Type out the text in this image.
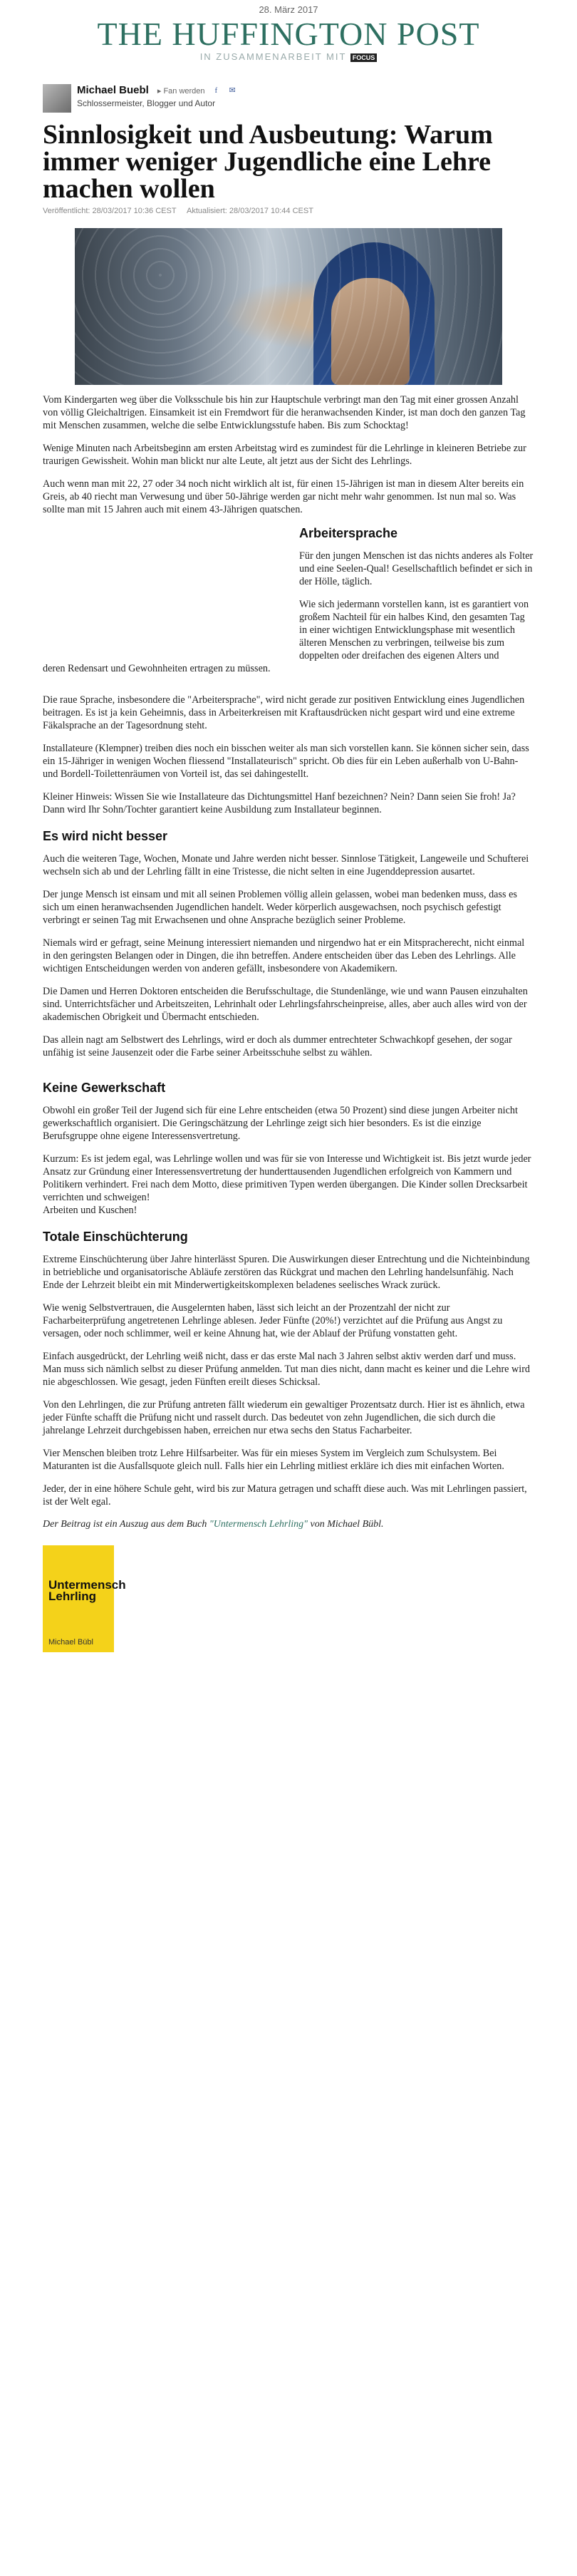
28. März 2017
THE HUFFINGTON POST
IN ZUSAMMENARBEIT MIT FOCUS
Michael Buebl ▸ Fan werden f	✉
Schlossermeister, Blogger und Autor
Sinnlosigkeit und Ausbeutung: Warum immer weniger Jugendliche eine Lehre machen wollen
Veröffentlicht: 28/03/2017 10:36 CEST Aktualisiert: 28/03/2017 10:44 CEST

Vom Kindergarten weg über die Volksschule bis hin zur Hauptschule verbringt man den Tag mit einer grossen Anzahl von völlig Gleichaltrigen. Einsamkeit ist ein Fremdwort für die heranwachsenden Kinder, ist man doch den ganzen Tag mit Menschen zusammen, welche die selbe Entwicklungsstufe haben. Bis zum Schocktag!

Wenige Minuten nach Arbeitsbeginn am ersten Arbeitstag wird es zumindest für die Lehrlinge in kleineren Betriebe zur traurigen Gewissheit. Wohin man blickt nur alte Leute, alt jetzt aus der Sicht des Lehrlings.

Auch wenn man mit 22, 27 oder 34 noch nicht wirklich alt ist, für einen 15-Jährigen ist man in diesem Alter bereits ein Greis, ab 40 riecht man Verwesung und über 50-Jährige werden gar nicht mehr wahr genommen. Ist nun mal so. Was sollte man mit 15 Jahren auch mit einem 43-Jährigen quatschen.

Arbeitersprache

Für den jungen Menschen ist das nichts anderes als Folter und eine Seelen-Qual! Gesellschaftlich befindet er sich in der Hölle, täglich.

Wie sich jedermann vorstellen kann, ist es garantiert von großem Nachteil für ein halbes Kind, den gesamten Tag in einer wichtigen Entwicklungsphase mit wesentlich älteren Menschen zu verbringen, teilweise bis zum doppelten oder dreifachen des eigenen Alters und

deren Redensart und Gewohnheiten ertragen zu müssen.

Die raue Sprache, insbesondere die "Arbeitersprache", wird nicht gerade zur positiven Entwicklung eines Jugendlichen beitragen. Es ist ja kein Geheimnis, dass in Arbeiterkreisen mit Kraftausdrücken nicht gespart wird und eine extreme Fäkalsprache an der Tagesordnung steht.

Installateure (Klempner) treiben dies noch ein bisschen weiter als man sich vorstellen kann. Sie können sicher sein, dass ein 15-Jähriger in wenigen Wochen fliessend "Installateurisch" spricht. Ob dies für ein Leben außerhalb von U-Bahn- und Bordell-Toilettenräumen von Vorteil ist, das sei dahingestellt.

Kleiner Hinweis: Wissen Sie wie Installateure das Dichtungsmittel Hanf bezeichnen? Nein? Dann seien Sie froh! Ja? Dann wird Ihr Sohn/Tochter garantiert keine Ausbildung zum Installateur beginnen.

Es wird nicht besser

Auch die weiteren Tage, Wochen, Monate und Jahre werden nicht besser. Sinnlose Tätigkeit, Langeweile und Schufterei wechseln sich ab und der Lehrling fällt in eine Tristesse, die nicht selten in eine Jugenddepression ausartet.

Der junge Mensch ist einsam und mit all seinen Problemen völlig allein gelassen, wobei man bedenken muss, dass es sich um einen heranwachsenden Jugendlichen handelt. Weder körperlich ausgewachsen, noch psychisch gefestigt verbringt er seinen Tag mit Erwachsenen und ohne Ansprache bezüglich seiner Probleme.

Niemals wird er gefragt, seine Meinung interessiert niemanden und nirgendwo hat er ein Mitspracherecht, nicht einmal in den geringsten Belangen oder in Dingen, die ihn betreffen. Andere entscheiden über das Leben des Lehrlings. Alle wichtigen Entscheidungen werden von anderen gefällt, insbesondere von Akademikern.

Die Damen und Herren Doktoren entscheiden die Berufsschultage, die Stundenlänge, wie und wann Pausen einzuhalten sind. Unterrichtsfächer und Arbeitszeiten, Lehrinhalt oder Lehrlingsfahrscheinpreise, alles, aber auch alles wird von der akademischen Obrigkeit und Übermacht entschieden.

Das allein nagt am Selbstwert des Lehrlings, wird er doch als dummer entrechteter Schwachkopf gesehen, der sogar unfähig ist seine Jausenzeit oder die Farbe seiner Arbeitsschuhe selbst zu wählen.

Keine Gewerkschaft

Obwohl ein großer Teil der Jugend sich für eine Lehre entscheiden (etwa 50 Prozent) sind diese jungen Arbeiter nicht gewerkschaftlich organisiert. Die Geringschätzung der Lehrlinge zeigt sich hier besonders. Es ist die einzige Berufsgruppe ohne eigene Interessensvertretung.

Kurzum: Es ist jedem egal, was Lehrlinge wollen und was für sie von Interesse und Wichtigkeit ist. Bis jetzt wurde jeder Ansatz zur Gründung einer Interessensvertretung der hunderttausenden Jugendlichen erfolgreich von Kammern und Politikern verhindert. Frei nach dem Motto, diese primitiven Typen werden übergangen. Die Kinder sollen Drecksarbeit verrichten und schweigen!

Arbeiten und Kuschen!

Totale Einschüchterung

Extreme Einschüchterung über Jahre hinterlässt Spuren. Die Auswirkungen dieser Entrechtung und die Nichteinbindung in betriebliche und organisatorische Abläufe zerstören das Rückgrat und machen den Lehrling handelsunfähig. Nach Ende der Lehrzeit bleibt ein mit Minderwertigkeitskomplexen beladenes seelisches Wrack zurück.

Wie wenig Selbstvertrauen, die Ausgelernten haben, lässt sich leicht an der Prozentzahl der nicht zur Facharbeiterprüfung angetretenen Lehrlinge ablesen. Jeder Fünfte (20%!) verzichtet auf die Prüfung aus Angst zu versagen, oder noch schlimmer, weil er keine Ahnung hat, wie der Ablauf der Prüfung vonstatten geht.

Einfach ausgedrückt, der Lehrling weiß nicht, dass er das erste Mal nach 3 Jahren selbst aktiv werden darf und muss. Man muss sich nämlich selbst zu dieser Prüfung anmelden. Tut man dies nicht, dann macht es keiner und die Lehre wird nie abgeschlossen. Wie gesagt, jeden Fünften ereilt dieses Schicksal.

Von den Lehrlingen, die zur Prüfung antreten fällt wiederum ein gewaltiger Prozentsatz durch. Hier ist es ähnlich, etwa jeder Fünfte schafft die Prüfung nicht und rasselt durch. Das bedeutet von zehn Jugendlichen, die sich durch die jahrelange Lehrzeit durchgebissen haben, erreichen nur etwa sechs den Status Facharbeiter.

Vier Menschen bleiben trotz Lehre Hilfsarbeiter. Was für ein mieses System im Vergleich zum Schulsystem. Bei Maturanten ist die Ausfallsquote gleich null. Falls hier ein Lehrling mitliest erkläre ich dies mit einfachen Worten.

Jeder, der in eine höhere Schule geht, wird bis zur Matura getragen und schafft diese auch. Was mit Lehrlingen passiert, ist der Welt egal.

Der Beitrag ist ein Auszug aus dem Buch "Untermensch Lehrling" von Michael Bübl.

Untermensch Lehrling
Michael Bübl
